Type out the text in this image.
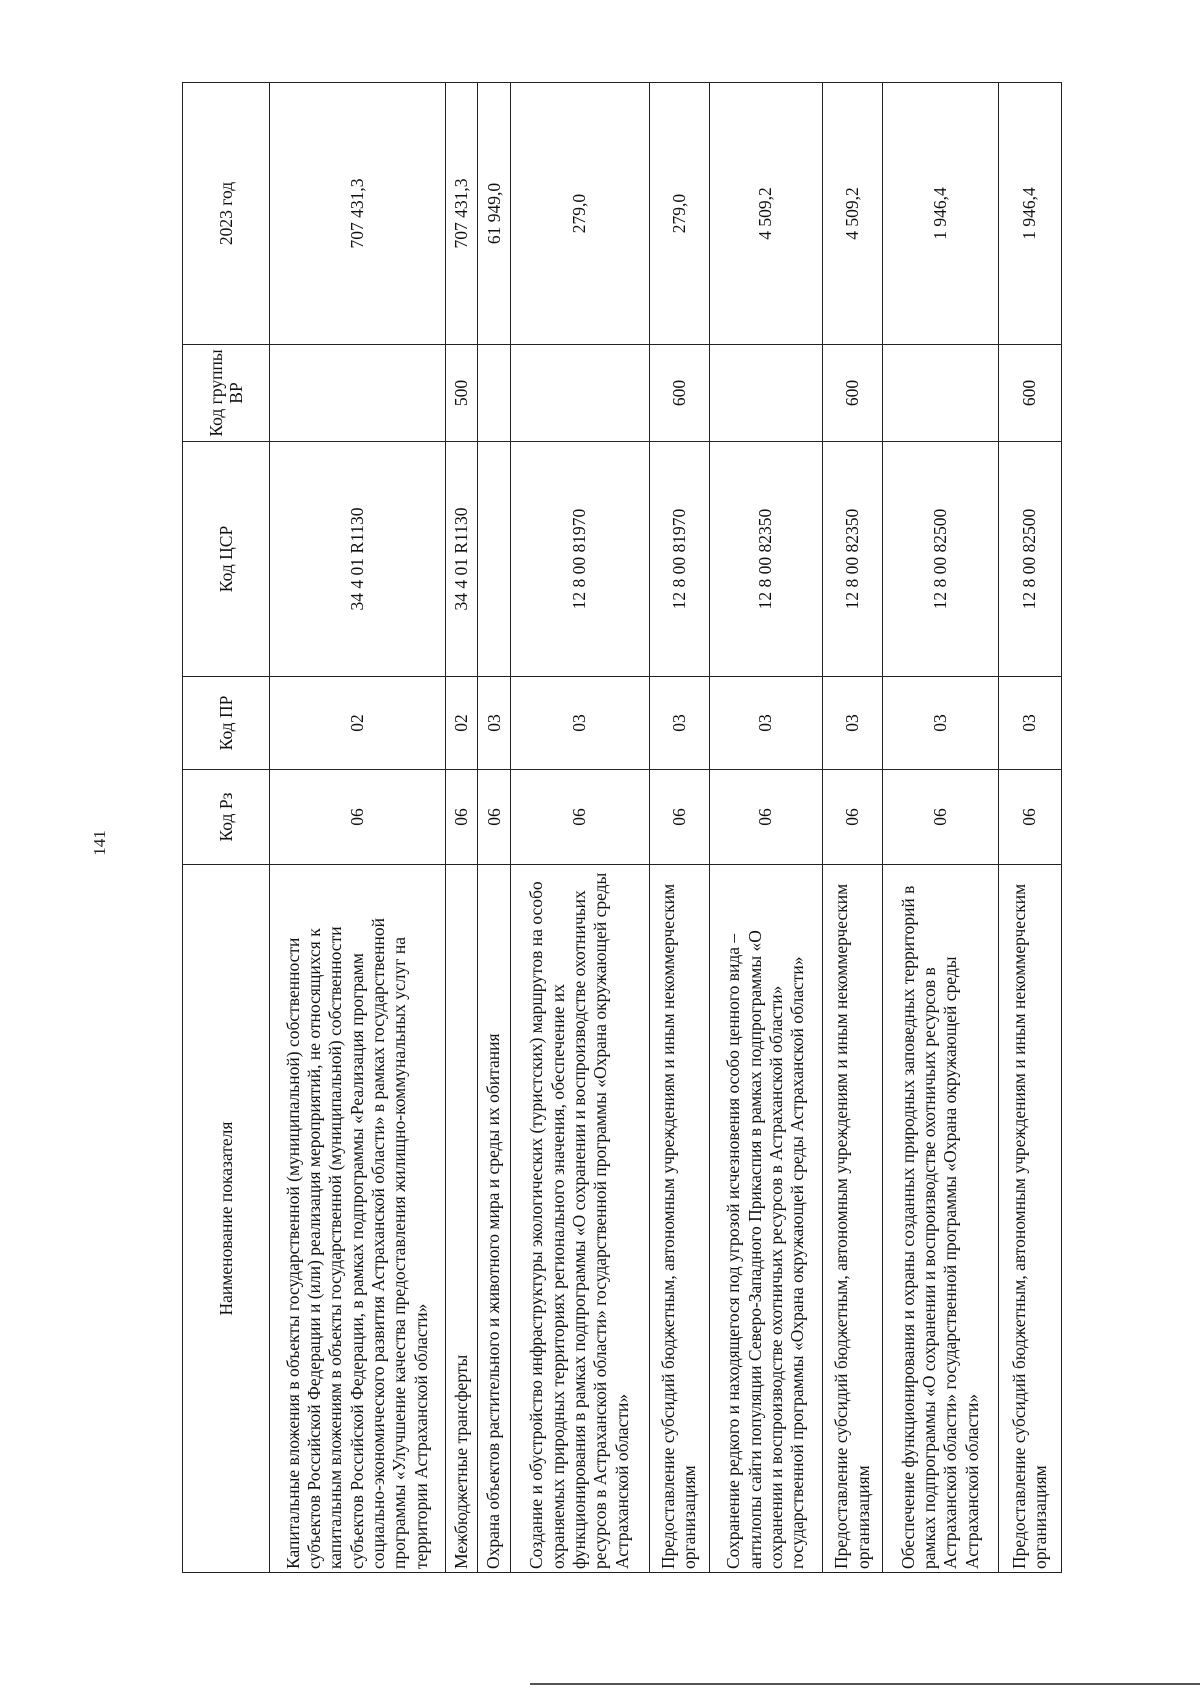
141
Наименование показателя	Код Рз	Код ПР	Код ЦСР	Код группы ВР	2023 год
Капитальные вложения в объекты государственной (муниципальной) собственности субъектов Российской Федерации и (или) реализация мероприятий, не относящихся к капитальным вложениям в объекты государственной (муниципальной) собственности субъектов Российской Федерации, в рамках подпрограммы «Реализация программ социально-экономического развития Астраханской области» в рамках государственной программы «Улучшение качества предоставления жилищно-коммунальных услуг на территории Астраханской области»	06	02	34 4 01 R1130		707 431,3
Межбюджетные трансферты	06	02	34 4 01 R1130	500	707 431,3
Охрана объектов растительного и животного мира и среды их обитания	06	03			61 949,0
Создание и обустройство инфраструктуры экологических (туристских) маршрутов на особо охраняемых природных территориях регионального значения, обеспечение их функционирования в рамках подпрограммы «О сохранении и воспроизводстве охотничьих ресурсов в Астраханской области» государственной программы «Охрана окружающей среды Астраханской области»	06	03	12 8 00 81970		279,0
Предоставление субсидий бюджетным, автономным учреждениям и иным некоммерческим организациям	06	03	12 8 00 81970	600	279,0
Сохранение редкого и находящегося под угрозой исчезновения особо ценного вида – антилопы сайги популяции Северо-Западного Прикаспия в рамках подпрограммы «О сохранении и воспроизводстве охотничьих ресурсов в Астраханской области» государственной программы «Охрана окружающей среды Астраханской области»	06	03	12 8 00 82350		4 509,2
Предоставление субсидий бюджетным, автономным учреждениям и иным некоммерческим организациям	06	03	12 8 00 82350	600	4 509,2
Обеспечение функционирования и охраны созданных природных заповедных территорий в рамках подпрограммы «О сохранении и воспроизводстве охотничьих ресурсов в Астраханской области» государственной программы «Охрана окружающей среды Астраханской области»	06	03	12 8 00 82500		1 946,4
Предоставление субсидий бюджетным, автономным учреждениям и иным некоммерческим организациям	06	03	12 8 00 82500	600	1 946,4
